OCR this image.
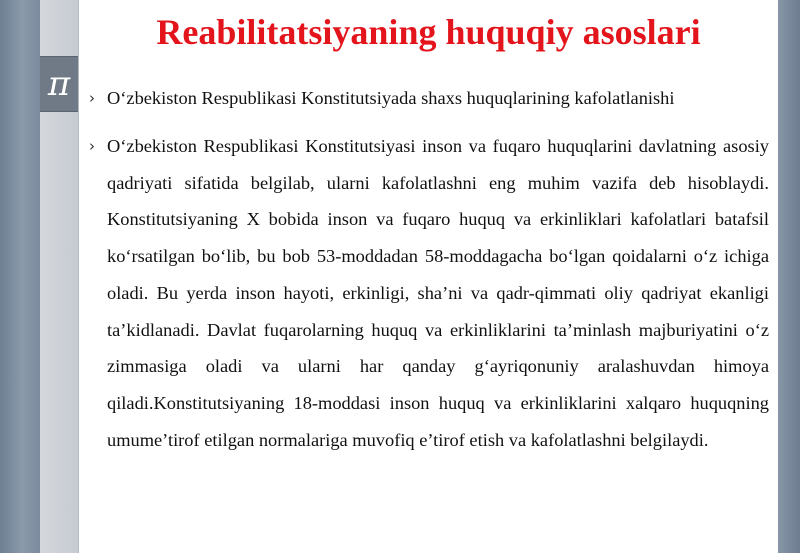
π
Reabilitatsiyaning huquqiy asoslari
› O‘zbekiston Respublikasi Konstitutsiyada shaxs huquqlarining kafolatlanishi
› O‘zbekiston Respublikasi Konstitutsiyasi inson va fuqaro huquqlarini davlatning asosiy qadriyati sifatida belgilab, ularni kafolatlashni eng muhim vazifa deb hisoblaydi. Konstitutsiyaning X bobida inson va fuqaro huquq va erkinliklari kafolatlari batafsil ko‘rsatilgan bo‘lib, bu bob 53-moddadan 58-moddagacha bo‘lgan qoidalarni o‘z ichiga oladi. Bu yerda inson hayoti, erkinligi, sha’ni va qadr-qimmati oliy qadriyat ekanligi ta’kidlanadi. Davlat fuqarolarning huquq va erkinliklarini ta’minlash majburiyatini o‘z zimmasiga oladi va ularni har qanday g‘ayriqonuniy aralashuvdan himoya qiladi.Konstitutsiyaning 18-moddasi inson huquq va erkinliklarini xalqaro huquqning umume’tirof etilgan normalariga muvofiq e’tirof etish va kafolatlashni belgilaydi.
